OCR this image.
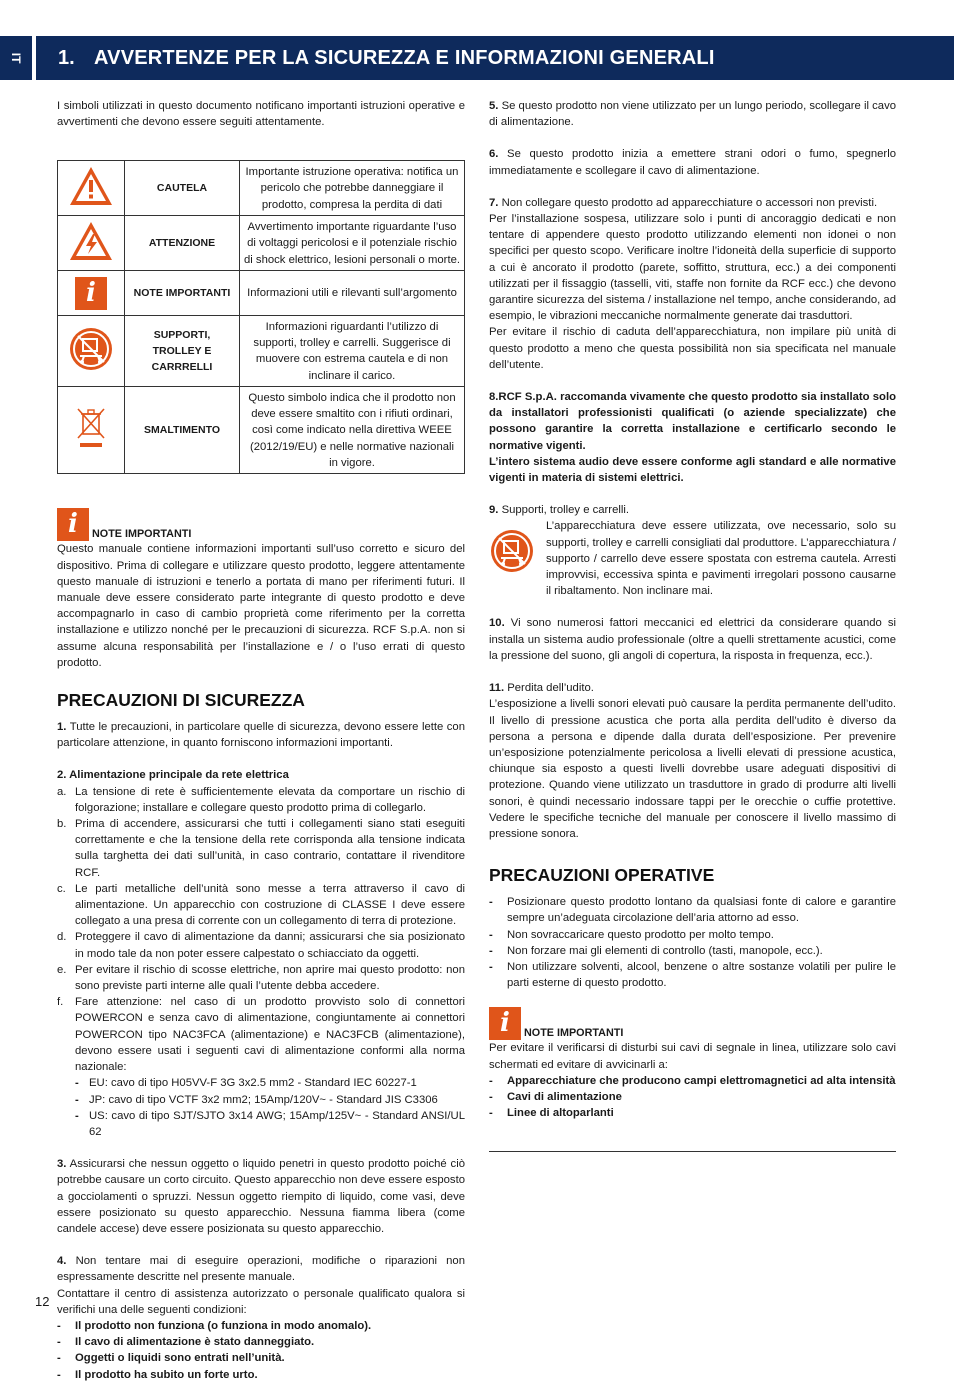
IT 1. AVVERTENZE PER LA SICUREZZA E INFORMAZIONI GENERALI

I simboli utilizzati in questo documento notificano importanti istruzioni operative e avvertimenti che devono essere seguiti attentamente.

	CAUTELA	Importante istruzione operativa: notifica un pericolo che potrebbe danneggiare il prodotto, compresa la perdita di dati
	ATTENZIONE	Avvertimento importante riguardante l’uso di voltaggi pericolosi e il potenziale rischio di shock elettrico, lesioni personali o morte.
i	NOTE IMPORTANTI	Informazioni utili e rilevanti sull’argomento
	SUPPORTI, TROLLEY E CARRRELLI	Informazioni riguardanti l’utilizzo di supporti, trolley e carrelli. Suggerisce di muovere con estrema cautela e di non inclinare il carico.
	SMALTIMENTO	Questo simbolo indica che il prodotto non deve essere smaltito con i rifiuti ordinari, così come indicato nella direttiva WEEE (2012/19/EU) e nelle normative nazionali in vigore.
i	NOTE IMPORTANTI

Questo manuale contiene informazioni importanti sull’uso corretto e sicuro del dispositivo. Prima di collegare e utilizzare questo prodotto, leggere attentamente questo manuale di istruzioni e tenerlo a portata di mano per riferimenti futuri. Il manuale deve essere considerato parte integrante di questo prodotto e deve accompagnarlo in caso di cambio proprietà come riferimento per la corretta installazione e utilizzo nonché per le precauzioni di sicurezza. RCF S.p.A. non si assume alcuna responsabilità per l’installazione e / o l’uso errati di questo prodotto.

PRECAUZIONI DI SICUREZZA

1. Tutte le precauzioni, in particolare quelle di sicurezza, devono essere lette con particolare attenzione, in quanto forniscono informazioni importanti.

2. Alimentazione principale da rete elettrica

a. La tensione di rete è sufficientemente elevata da comportare un rischio di folgorazione; installare e collegare questo prodotto prima di collegarlo.
b. Prima di accendere, assicurarsi che tutti i collegamenti siano stati eseguiti correttamente e che la tensione della rete corrisponda alla tensione indicata sulla targhetta dei dati sull’unità, in caso contrario, contattare il rivenditore RCF.
c. Le parti metalliche dell’unità sono messe a terra attraverso il cavo di alimentazione. Un apparecchio con costruzione di CLASSE I deve essere collegato a una presa di corrente con un collegamento di terra di protezione.
d. Proteggere il cavo di alimentazione da danni; assicurarsi che sia posizionato in modo tale da non poter essere calpestato o schiacciato da oggetti.
e. Per evitare il rischio di scosse elettriche, non aprire mai questo prodotto: non sono previste parti interne alle quali l’utente debba accedere.
f. Fare attenzione: nel caso di un prodotto provvisto solo di connettori POWERCON e senza cavo di alimentazione, congiuntamente ai connettori POWERCON tipo NAC3FCA (alimentazione) e NAC3FCB (alimentazione), devono essere usati i seguenti cavi di alimentazione conformi alla norma nazionale:
- EU: cavo di tipo H05VV-F 3G 3x2.5 mm2 - Standard IEC 60227-1
- JP: cavo di tipo VCTF 3x2 mm2; 15Amp/120V~ - Standard JIS C3306
- US: cavo di tipo SJT/SJTO 3x14 AWG; 15Amp/125V~ - Standard ANSI/UL 62

3. Assicurarsi che nessun oggetto o liquido penetri in questo prodotto poiché ciò potrebbe causare un corto circuito. Questo apparecchio non deve essere esposto a gocciolamenti o spruzzi. Nessun oggetto riempito di liquido, come vasi, deve essere posizionato su questo apparecchio. Nessuna fiamma libera (come candele accese) deve essere posizionata su questo apparecchio.

4. Non tentare mai di eseguire operazioni, modifiche o riparazioni non espressamente descritte nel presente manuale.

Contattare il centro di assistenza autorizzato o personale qualificato qualora si verifichi una delle seguenti condizioni:

- Il prodotto non funziona (o funziona in modo anomalo).
- Il cavo di alimentazione è stato danneggiato.
- Oggetti o liquidi sono entrati nell’unità.
- Il prodotto ha subito un forte urto.

5. Se questo prodotto non viene utilizzato per un lungo periodo, scollegare il cavo di alimentazione.

6. Se questo prodotto inizia a emettere strani odori o fumo, spegnerlo immediatamente e scollegare il cavo di alimentazione.

7. Non collegare questo prodotto ad apparecchiature o accessori non previsti.

Per l’installazione sospesa, utilizzare solo i punti di ancoraggio dedicati e non tentare di appendere questo prodotto utilizzando elementi non idonei o non specifici per questo scopo. Verificare inoltre l’idoneità della superficie di supporto a cui è ancorato il prodotto (parete, soffitto, struttura, ecc.) a dei componenti utilizzati per il fissaggio (tasselli, viti, staffe non fornite da RCF ecc.) che devono garantire sicurezza del sistema / installazione nel tempo, anche considerando, ad esempio, le vibrazioni meccaniche normalmente generate dai trasduttori.

Per evitare il rischio di caduta dell’apparecchiatura, non impilare più unità di questo prodotto a meno che questa possibilità non sia specificata nel manuale dell’utente.

8.RCF S.p.A. raccomanda vivamente che questo prodotto sia installato solo da installatori professionisti qualificati (o aziende specializzate) che possono garantire la corretta installazione e certificarlo secondo le normative vigenti.

L’intero sistema audio deve essere conforme agli standard e alle normative vigenti in materia di sistemi elettrici.

9. Supporti, trolley e carrelli.

L’apparecchiatura deve essere utilizzata, ove necessario, solo su supporti, trolley e carrelli consigliati dal produttore. L’apparecchiatura / supporto / carrello deve essere spostata con estrema cautela. Arresti improvvisi, eccessiva spinta e pavimenti irregolari possono causarne il ribaltamento. Non inclinare mai.

10. Vi sono numerosi fattori meccanici ed elettrici da considerare quando si installa un sistema audio professionale (oltre a quelli strettamente acustici, come la pressione del suono, gli angoli di copertura, la risposta in frequenza, ecc.).

11. Perdita dell’udito.

L’esposizione a livelli sonori elevati può causare la perdita permanente dell’udito. Il livello di pressione acustica che porta alla perdita dell’udito è diverso da persona a persona e dipende dalla durata dell’esposizione. Per prevenire un’esposizione potenzialmente pericolosa a livelli elevati di pressione acustica, chiunque sia esposto a questi livelli dovrebbe usare adeguati dispositivi di protezione. Quando viene utilizzato un trasduttore in grado di produrre alti livelli sonori, è quindi necessario indossare tappi per le orecchie o cuffie protettive. Vedere le specifiche tecniche del manuale per conoscere il livello massimo di pressione sonora.

PRECAUZIONI OPERATIVE
- Posizionare questo prodotto lontano da qualsiasi fonte di calore e garantire sempre un’adeguata circolazione dell’aria attorno ad esso.
- Non sovraccaricare questo prodotto per molto tempo.
- Non forzare mai gli elementi di controllo (tasti, manopole, ecc.).
- Non utilizzare solventi, alcool, benzene o altre sostanze volatili per pulire le parti esterne di questo prodotto.
i	NOTE IMPORTANTI

Per evitare il verificarsi di disturbi sui cavi di segnale in linea, utilizzare solo cavi schermati ed evitare di avvicinarli a:

- Apparecchiature che producono campi elettromagnetici ad alta intensità
- Cavi di alimentazione
- Linee di altoparlanti
12
